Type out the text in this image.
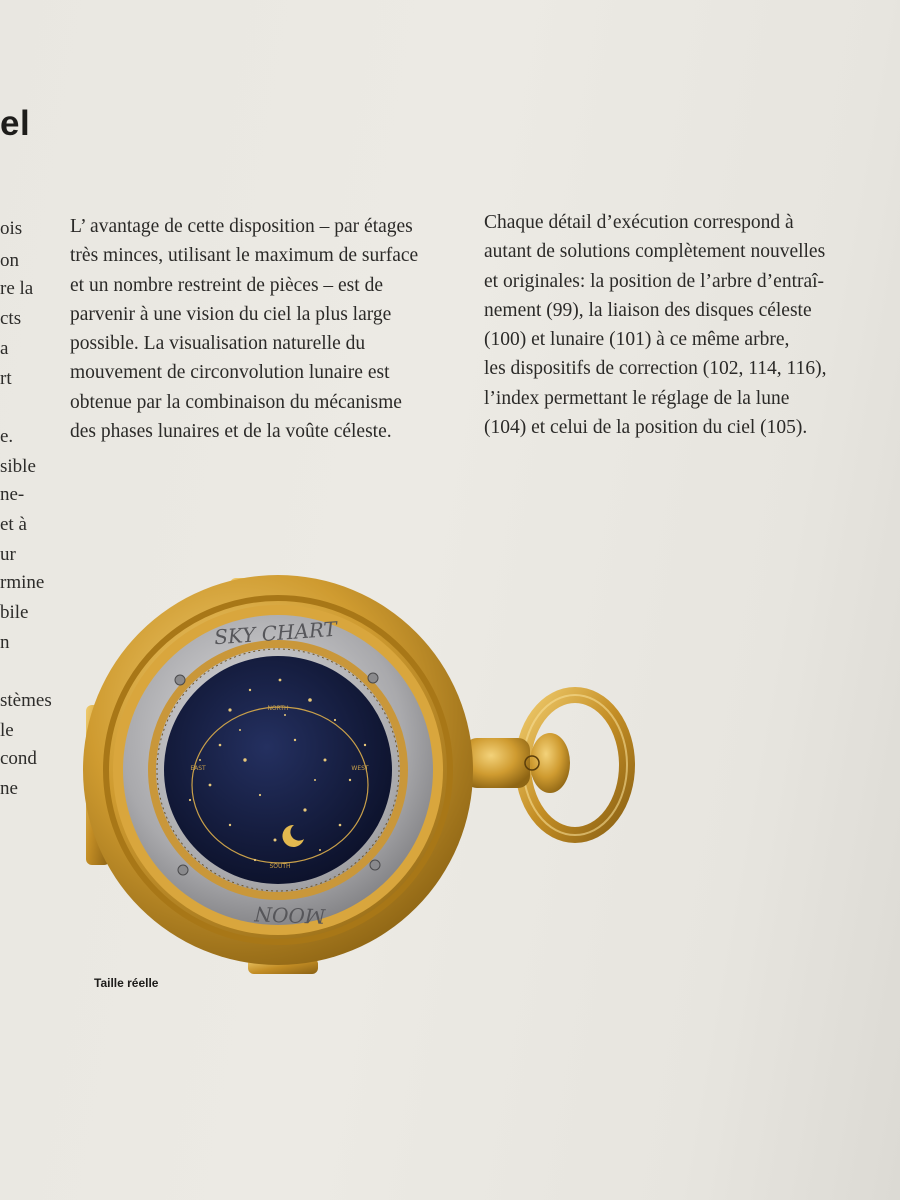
el
ois
on
re la
cts
a
rt
e.
sible
ne-
et à
ur
rmine
bile
n
stèmes
le
cond
ne
L’ avantage de cette disposition – par étages
très minces, utilisant le maximum de surface
et un nombre restreint de pièces – est de
parvenir à une vision du ciel la plus large
possible. La visualisation naturelle du
mouvement de circonvolution lunaire est
obtenue par la combinaison du mécanisme
des phases lunaires et de la voûte céleste.
Chaque détail d’exécution correspond à
autant de solutions complètement nouvelles
et originales: la position de l’arbre d’entraî-
nement (99), la liaison des disques céleste
(100) et lunaire (101) à ce même arbre,
les dispositifs de correction (102, 114, 116),
l’index permettant le réglage de la lune
(104) et celui de la position du ciel (105).
NORTH
SOUTH
EAST	WEST
SKY CHART
MOON
Taille réelle
